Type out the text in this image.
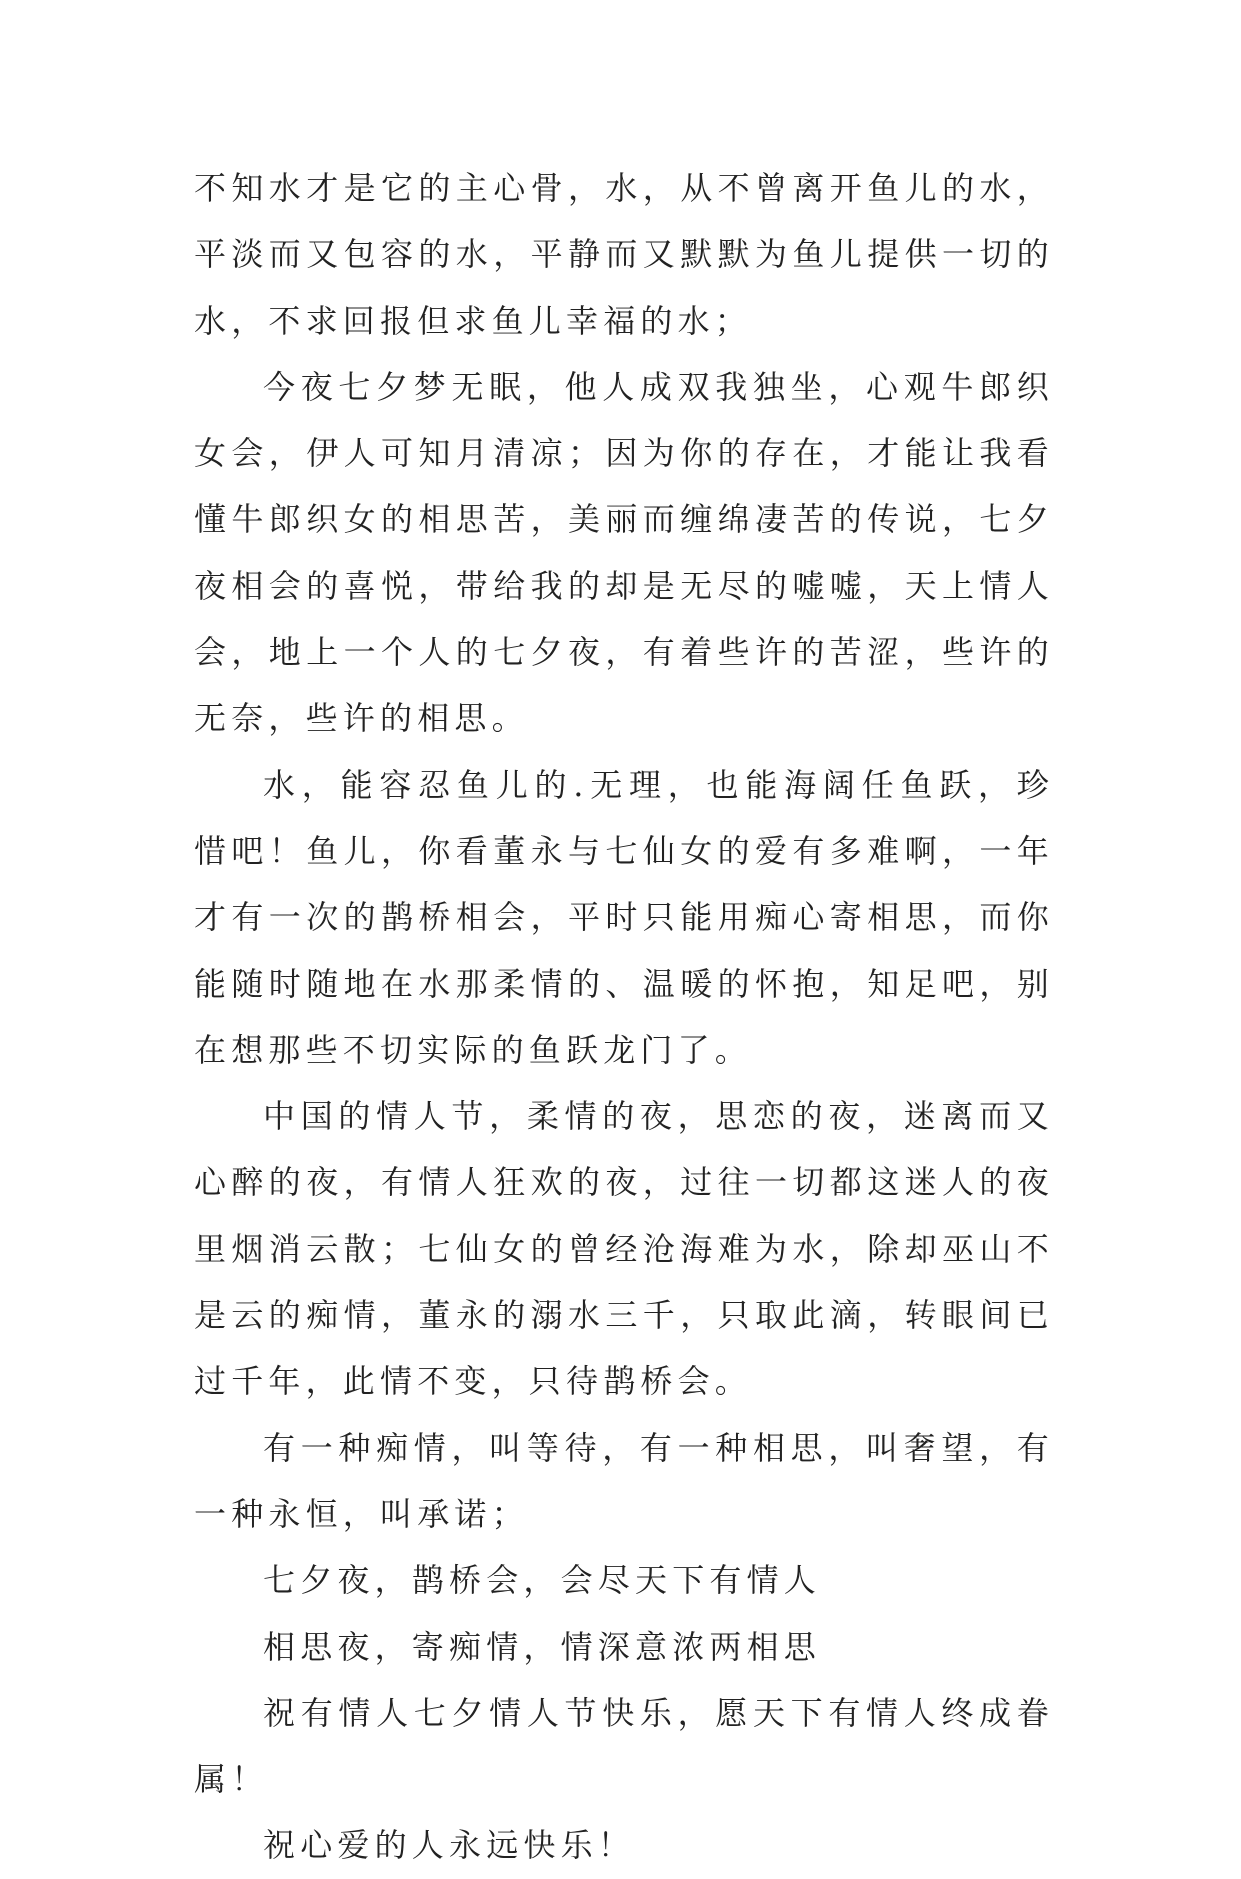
不知水才是它的主心骨，水，从不曾离开鱼儿的水，平淡而又包容的水，平静而又默默为鱼儿提供一切的水，不求回报但求鱼儿幸福的水；

今夜七夕梦无眠，他人成双我独坐，心观牛郎织女会，伊人可知月清凉；因为你的存在，才能让我看懂牛郎织女的相思苦，美丽而缠绵凄苦的传说，七夕夜相会的喜悦，带给我的却是无尽的嘘嘘，天上情人会，地上一个人的七夕夜，有着些许的苦涩，些许的无奈，些许的相思。

水，能容忍鱼儿的.无理，也能海阔任鱼跃，珍惜吧！鱼儿，你看董永与七仙女的爱有多难啊，一年才有一次的鹊桥相会，平时只能用痴心寄相思，而你能随时随地在水那柔情的、温暖的怀抱，知足吧，别在想那些不切实际的鱼跃龙门了。

中国的情人节，柔情的夜，思恋的夜，迷离而又心醉的夜，有情人狂欢的夜，过往一切都这迷人的夜里烟消云散；七仙女的曾经沧海难为水，除却巫山不是云的痴情，董永的溺水三千，只取此滴，转眼间已过千年，此情不变，只待鹊桥会。

有一种痴情，叫等待，有一种相思，叫奢望，有一种永恒，叫承诺；

七夕夜，鹊桥会，会尽天下有情人

相思夜，寄痴情，情深意浓两相思

祝有情人七夕情人节快乐，愿天下有情人终成眷属！

祝心爱的人永远快乐！
